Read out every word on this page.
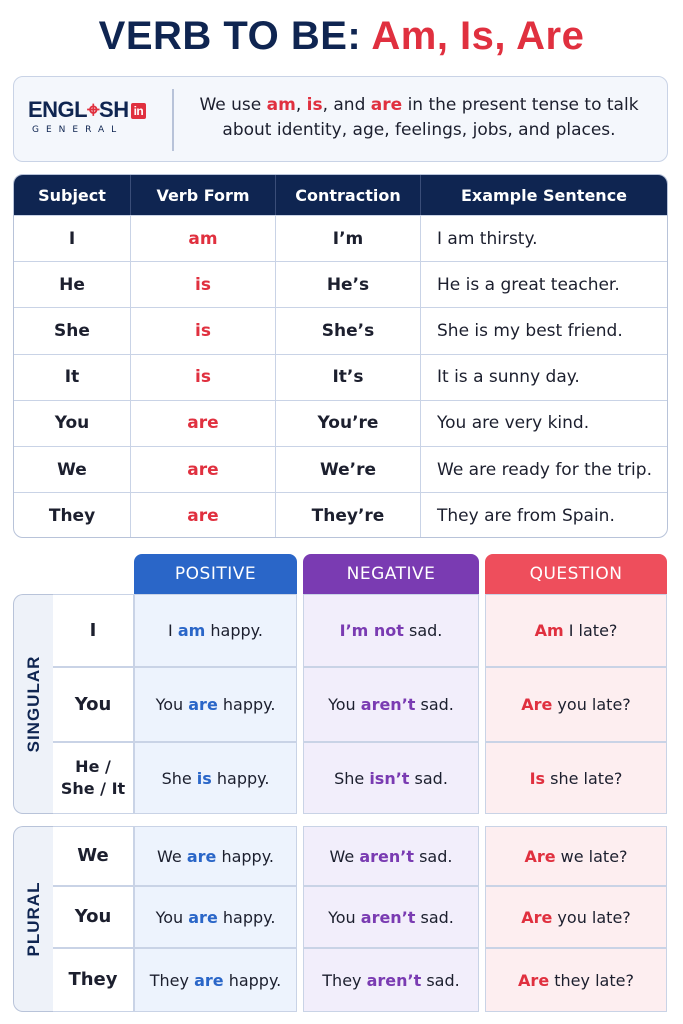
VERB TO BE: Am, Is, Are
ENGL⌖SH in
GENERAL
We use am, is, and are in the present tense to talk about identity, age, feelings, jobs, and places.
Subject	Verb Form	Contraction	Example Sentence
I	am	I’m	I am thirsty.
He	is	He’s	He is a great teacher.
She	is	She’s	She is my best friend.
It	is	It’s	It is a sunny day.
You	are	You’re	You are very kind.
We	are	We’re	We are ready for the trip.
They	are	They’re	They are from Spain.
POSITIVE	NEGATIVE	QUESTION
SINGULAR
PLURAL
I	I am happy.	I’m not sad.	Am I late?
You	You are happy.	You aren’t sad.	Are you late?
He / She / It
She is happy.	She isn’t sad.	Is she late?
We	We are happy.	We aren’t sad.	Are we late?
You	You are happy.	You aren’t sad.	Are you late?
They	They are happy.	They aren’t sad.	Are they late?
